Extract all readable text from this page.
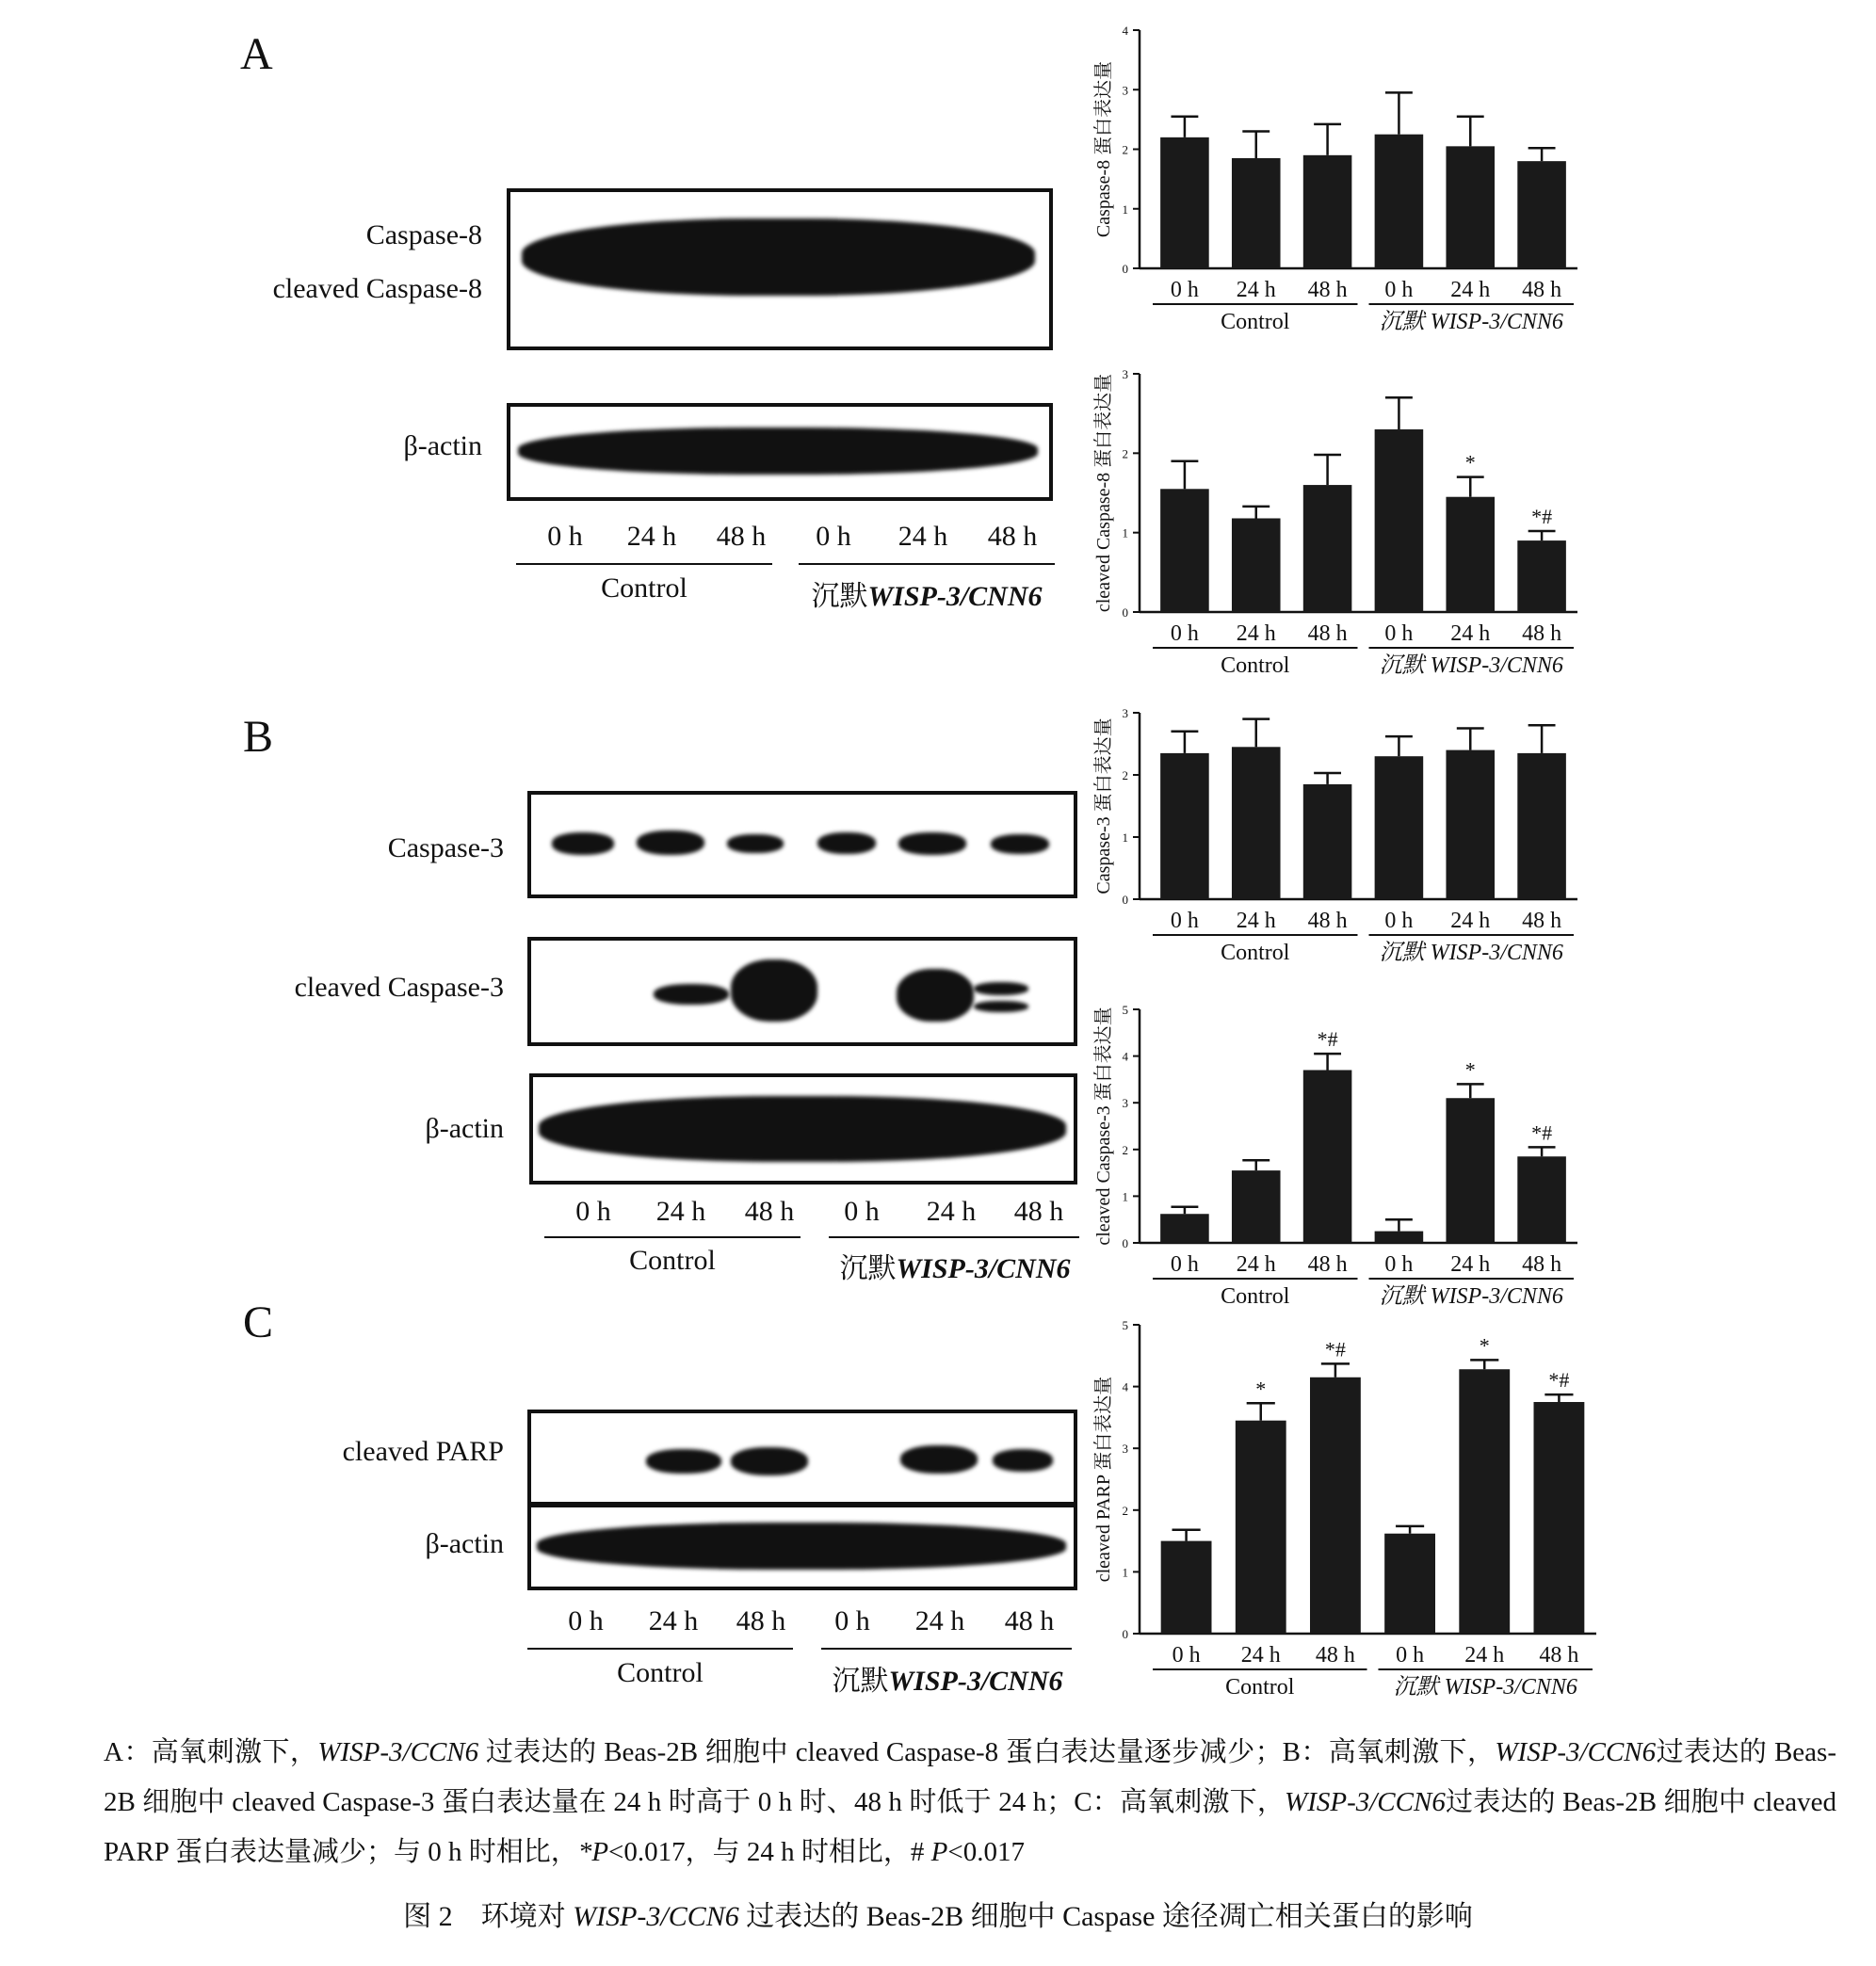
A
Caspase-8
cleaved Caspase-8
β-actin
0 h	24 h	48 h	0 h	24 h	48 h
Control	沉默WISP-3/CNN6
B
Caspase-3
cleaved Caspase-3
β-actin
0 h	24 h	48 h	0 h	24 h	48 h
Control	沉默WISP-3/CNN6
C
cleaved PARP
β-actin
0 h	24 h	48 h	0 h	24 h	48 h
Control	沉默WISP-3/CNN6
0
1
2
3
4
Caspase-8 蛋白表达量
0 h 24 h 48 h 0 h 24 h 48 h
Control	沉默 WISP-3/CNN6
0
1
2
3
cleaved Caspase-8 蛋白表达量
0 h 24 h 48 h 0 h
*
24 h
*#
48 h
Control	沉默 WISP-3/CNN6
0
1
2
3
Caspase-3 蛋白表达量
0 h 24 h 48 h 0 h 24 h 48 h
Control	沉默 WISP-3/CNN6
0
1
2
3
4
5
cleaved Caspase-3 蛋白表达量
0 h 24 h
*#
48 h 0 h
*
24 h
*#
48 h
Control	沉默 WISP-3/CNN6
0
1
2
3
4
5
cleaved PARP 蛋白表达量
0 h
*
24 h
*#
48 h 0 h
*
24 h
*#
48 h
Control	沉默 WISP-3/CNN6
A：高氧刺激下，WISP-3/CCN6 过表达的 Beas-2B 细胞中 cleaved Caspase-8 蛋白表达量逐步减少；B：高氧刺激下，WISP-3/CCN6过表达的 Beas-2B 细胞中 cleaved Caspase-3 蛋白表达量在 24 h 时高于 0 h 时、48 h 时低于 24 h；C：高氧刺激下，WISP-3/CCN6过表达的 Beas-2B 细胞中 cleaved PARP 蛋白表达量减少；与 0 h 时相比，*P<0.017，与 24 h 时相比，# P<0.017
图 2　环境对 WISP-3/CCN6 过表达的 Beas-2B 细胞中 Caspase 途径凋亡相关蛋白的影响
